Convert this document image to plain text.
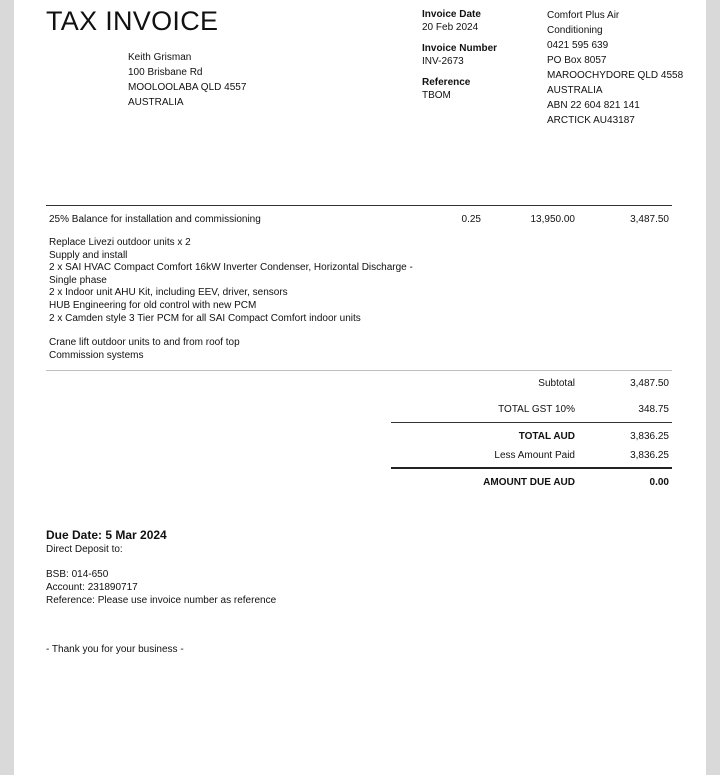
TAX INVOICE
Keith Grisman
100 Brisbane Rd
MOOLOOLABA QLD 4557
AUSTRALIA
Invoice Date
20 Feb 2024
Invoice Number
INV-2673
Reference
TBOM
Comfort Plus Air
Conditioning
0421 595 639
PO Box 8057
MAROOCHYDORE QLD 4558
AUSTRALIA
ABN 22 604 821 141
ARCTICK AU43187
25% Balance for installation and commissioning	0.25	13,950.00	3,487.50
Replace Livezi outdoor units x 2
Supply and install
2 x SAI HVAC Compact Comfort 16kW Inverter Condenser, Horizontal Discharge -
Single phase
2 x Indoor unit AHU Kit, including EEV, driver, sensors
HUB Engineering for old control with new PCM
2 x Camden style 3 Tier PCM for all SAI Compact Comfort indoor units
Crane lift outdoor units to and from roof top
Commission systems
Subtotal	3,487.50
TOTAL GST 10%	348.75
TOTAL AUD	3,836.25
Less Amount Paid	3,836.25
AMOUNT DUE AUD	0.00
Due Date: 5 Mar 2024
Direct Deposit to:
BSB: 014-650
Account: 231890717
Reference: Please use invoice number as reference
- Thank you for your business -
